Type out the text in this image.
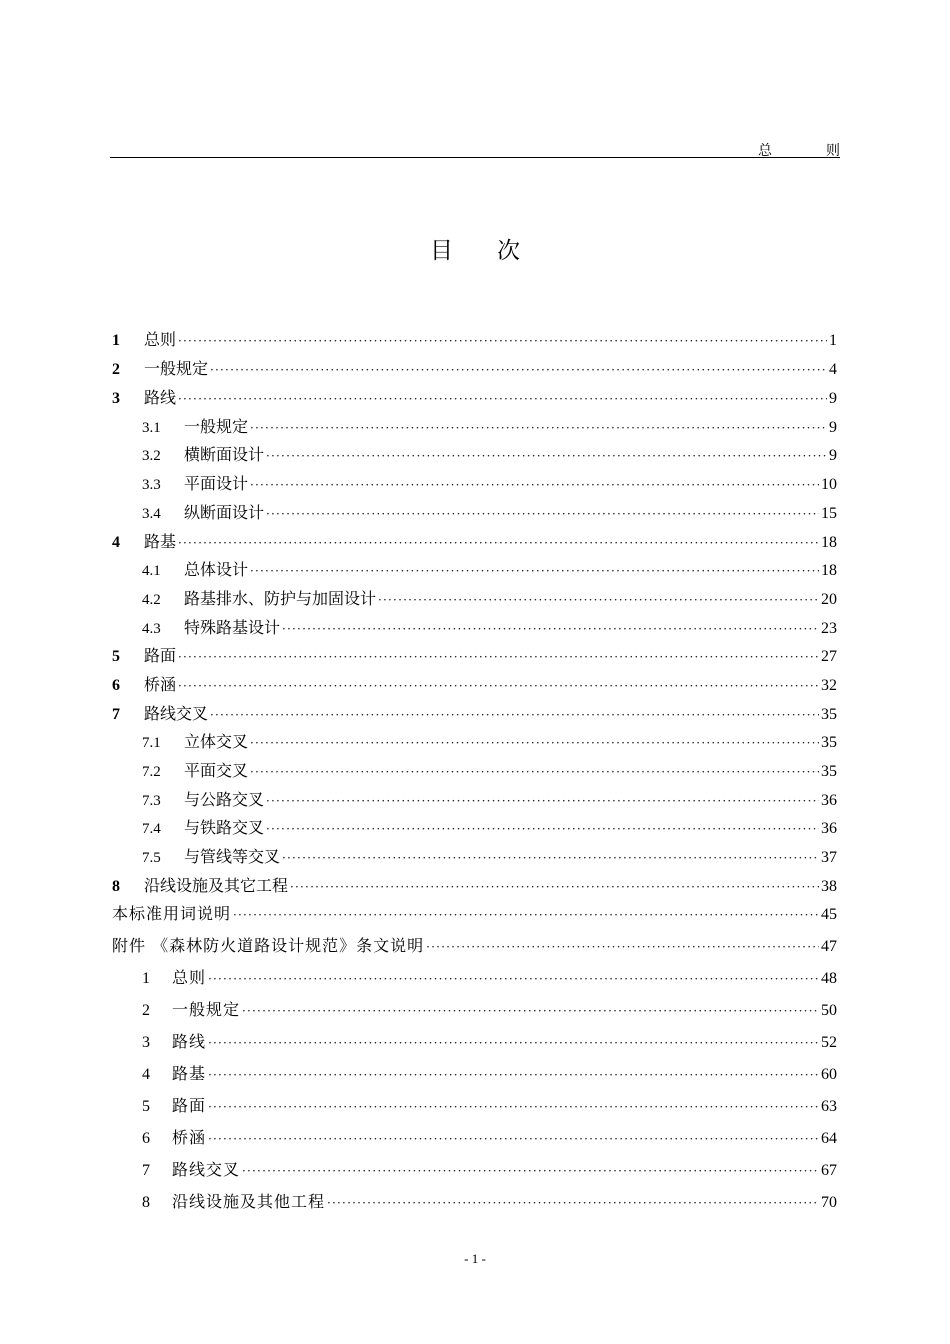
总　则
目次
1	总则 ·····	1
2	一般规定 ·····	4
3	路线 ·····	9
3.1	一般规定 ·····	9
3.2	横断面设计 ·····	9
3.3	平面设计 ·····	10
3.4	纵断面设计 ·····	15
4	路基 ·····	18
4.1	总体设计 ·····	18
4.2	路基排水、防护与加固设计 ·····	20
4.3	特殊路基设计 ·····	23
5	路面 ·····	27
6	桥涵 ·····	32
7	路线交叉 ·····	35
7.1	立体交叉 ·····	35
7.2	平面交叉 ·····	35
7.3	与公路交叉 ·····	36
7.4	与铁路交叉 ·····	36
7.5	与管线等交叉 ·····	37
8	沿线设施及其它工程 ·····	38
本标准用词说明 ·····	45
附件 《森林防火道路设计规范》条文说明 ·····	47
1	总则 ·····	48
2	一般规定 ·····	50
3	路线 ·····	52
4	路基 ·····	60
5	路面 ·····	63
6	桥涵 ·····	64
7	路线交叉 ·····	67
8	沿线设施及其他工程 ·····	70
- 1 -
